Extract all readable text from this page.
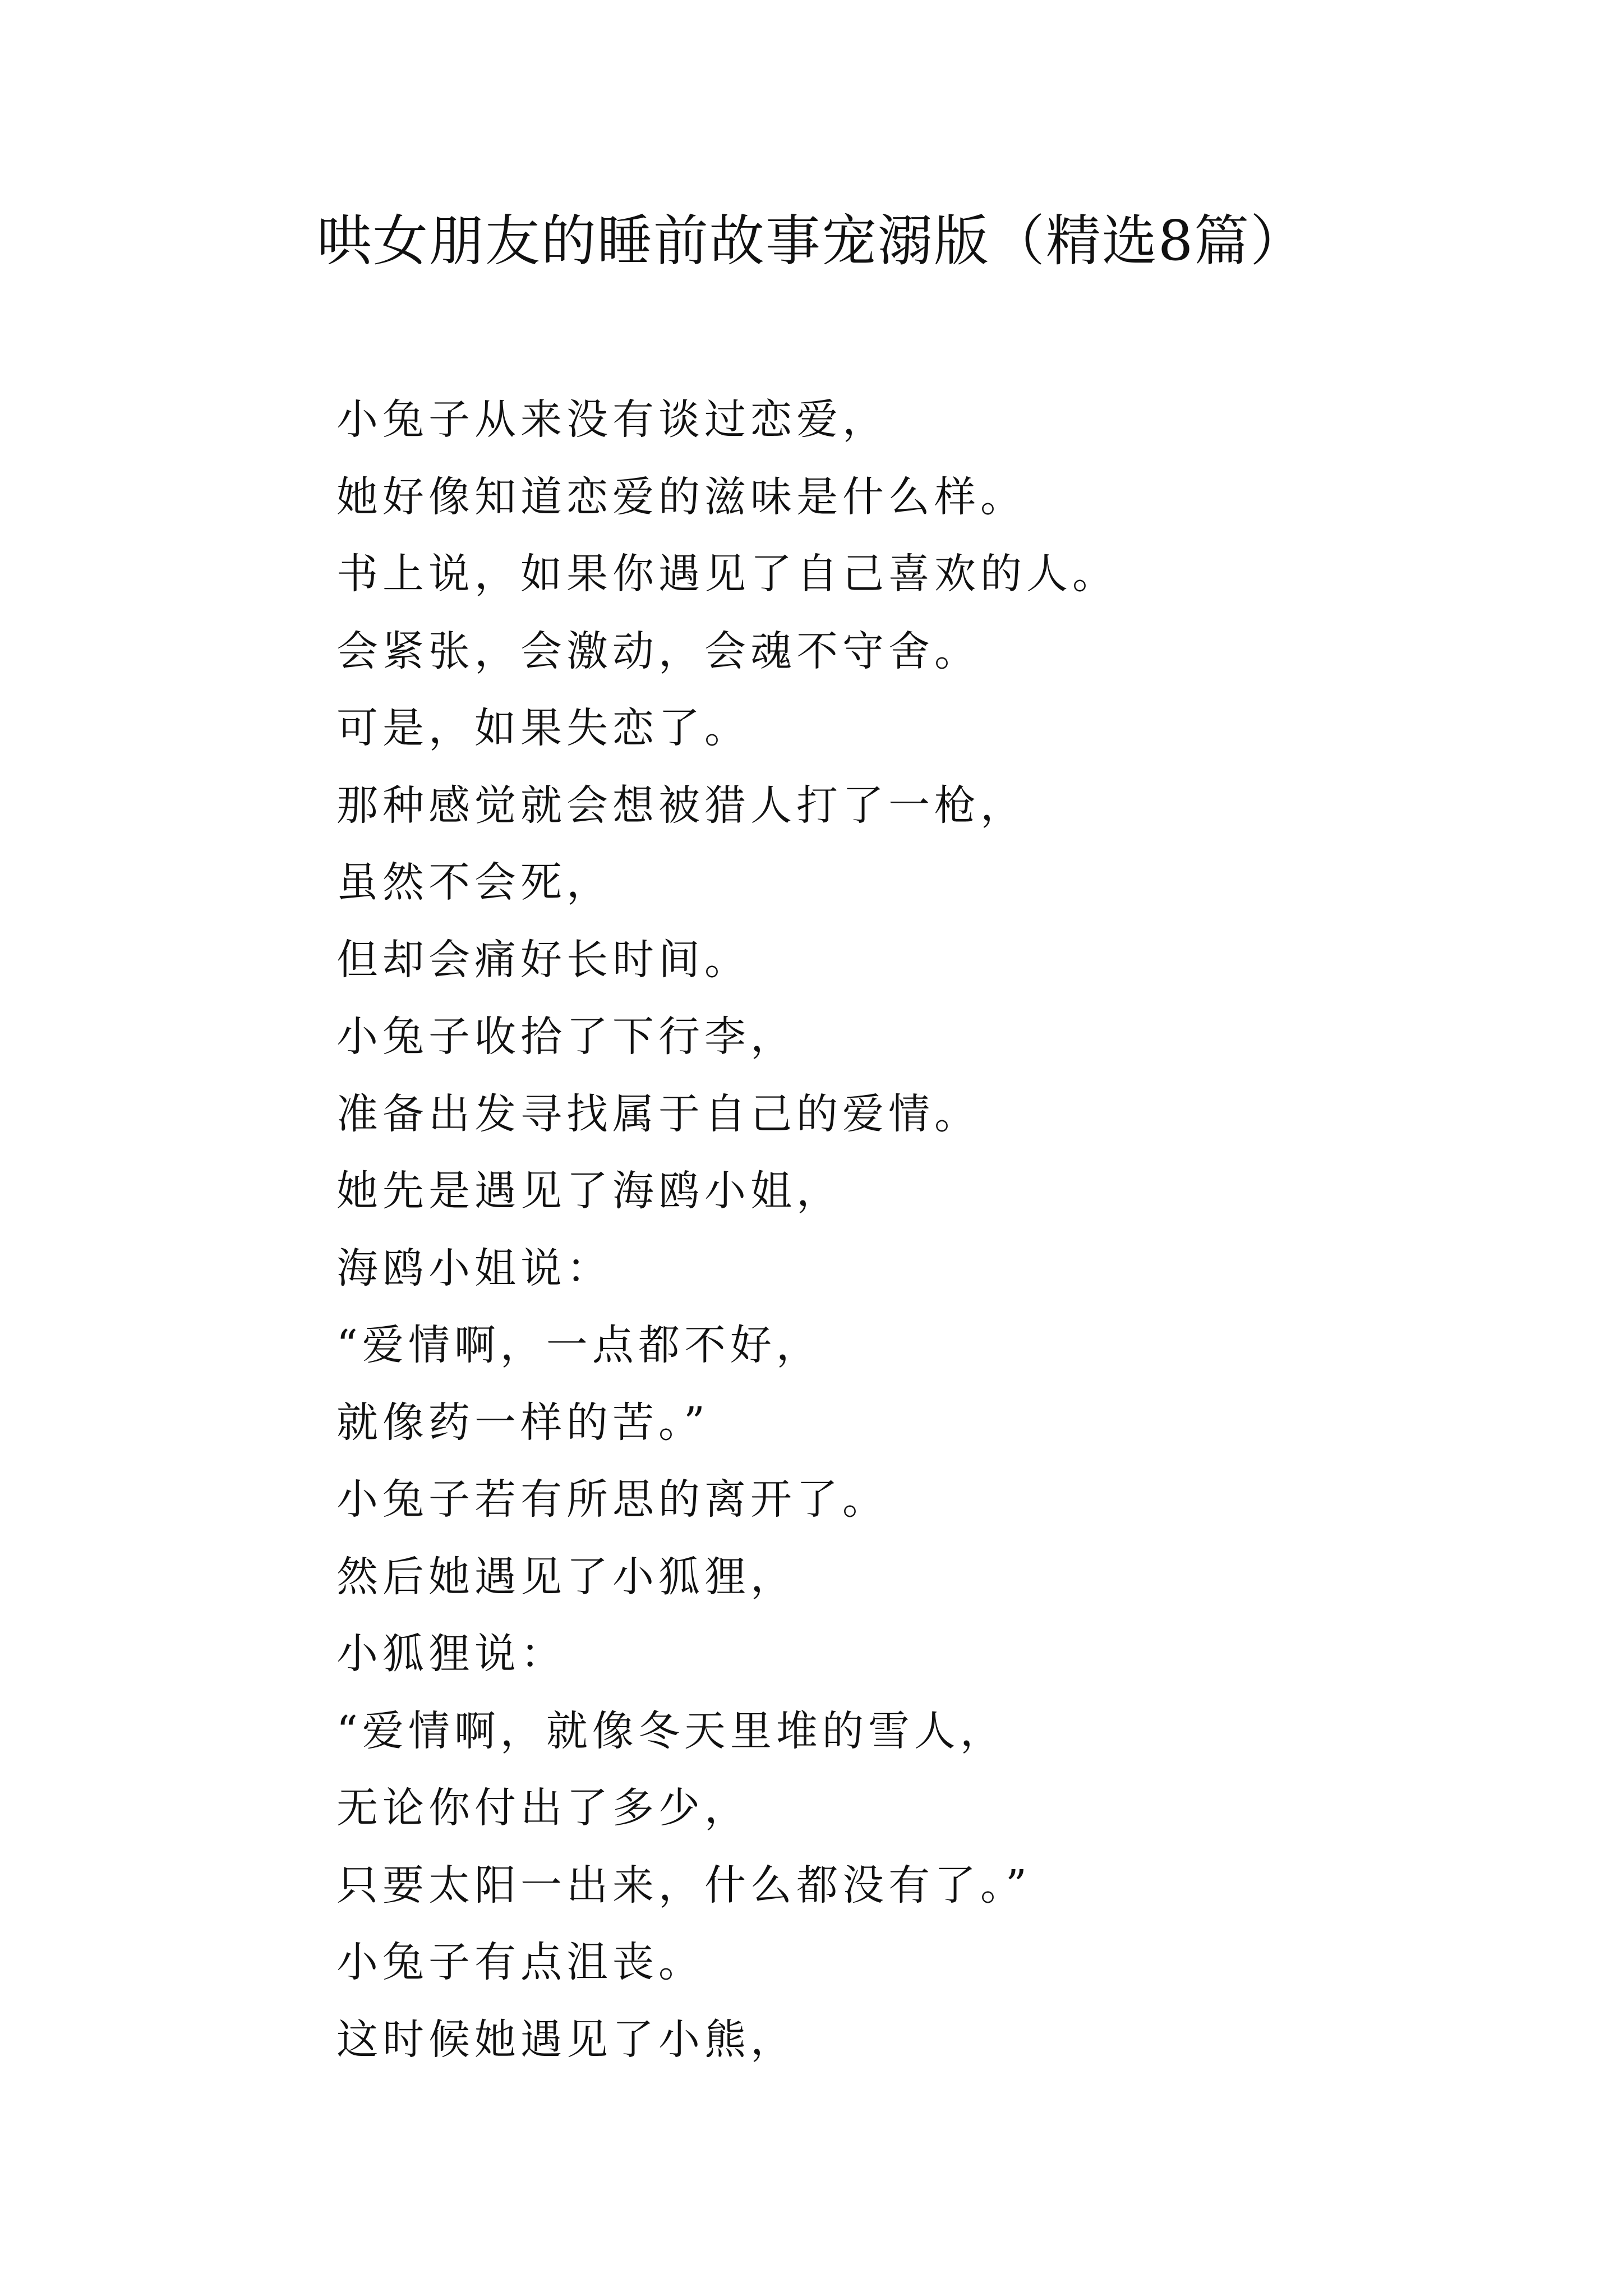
哄女朋友的睡前故事宠溺版（精选8篇）
小兔子从来没有谈过恋爱，
她好像知道恋爱的滋味是什么样。
书上说，如果你遇见了自己喜欢的人。
会紧张，会激动，会魂不守舍。
可是，如果失恋了。
那种感觉就会想被猎人打了一枪，
虽然不会死，
但却会痛好长时间。
小兔子收拾了下行李，
准备出发寻找属于自己的爱情。
她先是遇见了海鸥小姐，
海鸥小姐说：
“爱情啊，一点都不好，
就像药一样的苦。”
小兔子若有所思的离开了。
然后她遇见了小狐狸，
小狐狸说：
“爱情啊，就像冬天里堆的雪人，
无论你付出了多少，
只要太阳一出来，什么都没有了。”
小兔子有点沮丧。
这时候她遇见了小熊，
